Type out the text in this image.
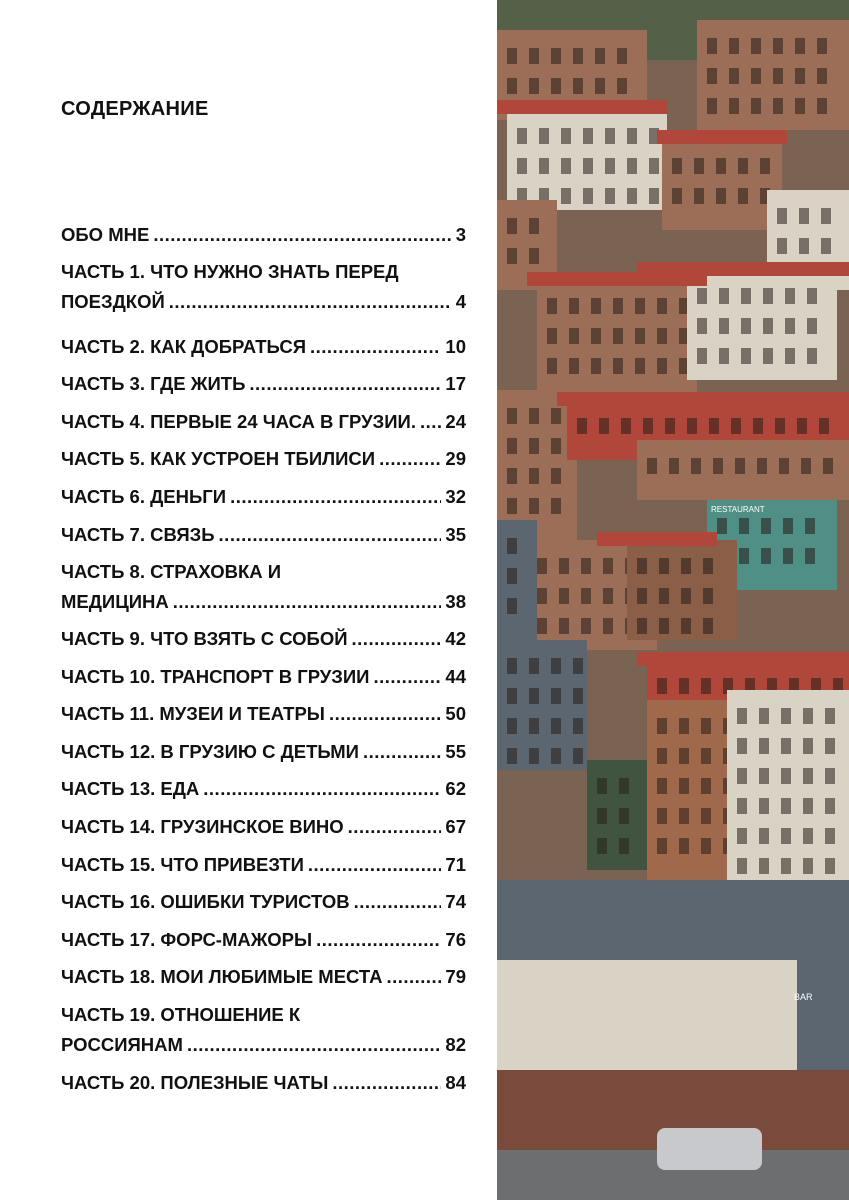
СОДЕРЖАНИЕ
ОБО МНЕ .....	3
ЧАСТЬ 1. ЧТО НУЖНО ЗНАТЬ ПЕРЕД
ПОЕЗДКОЙ .....	4
ЧАСТЬ 2. КАК ДОБРАТЬСЯ .....	10
ЧАСТЬ 3. ГДЕ ЖИТЬ .....	17
ЧАСТЬ 4. ПЕРВЫЕ 24 ЧАСА В ГРУЗИИ. ..... 24
ЧАСТЬ 5. КАК УСТРОЕН ТБИЛИСИ .....	29
ЧАСТЬ 6. ДЕНЬГИ .....	32
ЧАСТЬ 7. СВЯЗЬ .....	35
ЧАСТЬ 8. СТРАХОВКА И
МЕДИЦИНА .....	38
ЧАСТЬ 9. ЧТО ВЗЯТЬ С СОБОЙ .....	42
ЧАСТЬ 10. ТРАНСПОРТ В ГРУЗИИ .....	44
ЧАСТЬ 11. МУЗЕИ И ТЕАТРЫ .....	50
ЧАСТЬ 12. В ГРУЗИЮ С ДЕТЬМИ .....	55
ЧАСТЬ 13. ЕДА .....	62
ЧАСТЬ 14. ГРУЗИНСКОЕ ВИНО .....	67
ЧАСТЬ 15. ЧТО ПРИВЕЗТИ .....	71
ЧАСТЬ 16. ОШИБКИ ТУРИСТОВ .....	74
ЧАСТЬ 17. ФОРС-МАЖОРЫ .....	76
ЧАСТЬ 18. МОИ ЛЮБИМЫЕ МЕСТА .....	79
ЧАСТЬ 19. ОТНОШЕНИЕ К
РОССИЯНАМ .....	82
ЧАСТЬ 20. ПОЛЕЗНЫЕ ЧАТЫ .....	84
RESTAURANT
BAR
